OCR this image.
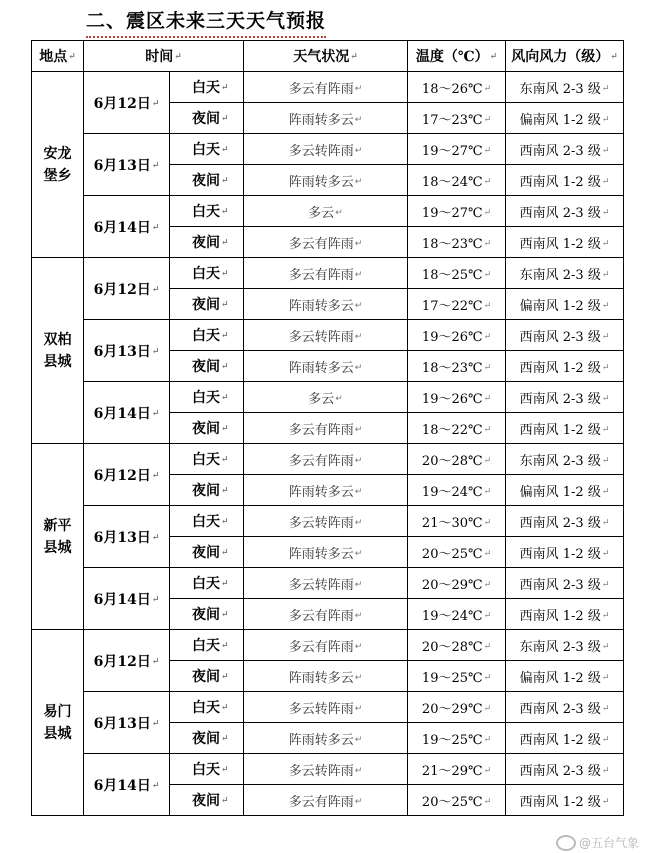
二、震区未来三天天气预报
地点↵	时间↵		天气状况↵	温度（℃）↵	风向风力（级）↵

安龙
堡乡	6月12日↵	白天↵	多云有阵雨↵	18～26℃↵	东南风 2-3 级↵
		夜间↵	阵雨转多云↵	17～23℃↵	偏南风 1-2 级↵
	6月13日↵	白天↵	多云转阵雨↵	19～27℃↵	西南风 2-3 级↵
		夜间↵	阵雨转多云↵	18～24℃↵	西南风 1-2 级↵
	6月14日↵	白天↵	多云↵	19～27℃↵	西南风 2-3 级↵
		夜间↵	多云有阵雨↵	18～23℃↵	西南风 1-2 级↵

双柏
县城	6月12日↵	白天↵	多云有阵雨↵	18～25℃↵	东南风 2-3 级↵
		夜间↵	阵雨转多云↵	17～22℃↵	偏南风 1-2 级↵
	6月13日↵	白天↵	多云转阵雨↵	19～26℃↵	西南风 2-3 级↵
		夜间↵	阵雨转多云↵	18～23℃↵	西南风 1-2 级↵
	6月14日↵	白天↵	多云↵	19～26℃↵	西南风 2-3 级↵
		夜间↵	多云有阵雨↵	18～22℃↵	西南风 1-2 级↵

新平
县城	6月12日↵	白天↵	多云有阵雨↵	20～28℃↵	东南风 2-3 级↵
		夜间↵	阵雨转多云↵	19～24℃↵	偏南风 1-2 级↵
	6月13日↵	白天↵	多云转阵雨↵	21～30℃↵	西南风 2-3 级↵
		夜间↵	阵雨转多云↵	20～25℃↵	西南风 1-2 级↵
	6月14日↵	白天↵	多云转阵雨↵	20～29℃↵	西南风 2-3 级↵
		夜间↵	多云有阵雨↵	19～24℃↵	西南风 1-2 级↵

易门
县城	6月12日↵	白天↵	多云有阵雨↵	20～28℃↵	东南风 2-3 级↵
		夜间↵	阵雨转多云↵	19～25℃↵	偏南风 1-2 级↵
	6月13日↵	白天↵	多云转阵雨↵	20～29℃↵	西南风 2-3 级↵
		夜间↵	阵雨转多云↵	19～25℃↵	西南风 1-2 级↵
	6月14日↵	白天↵	多云转阵雨↵	21～29℃↵	西南风 2-3 级↵
		夜间↵	多云有阵雨↵	20～25℃↵	西南风 1-2 级↵
@五台气象
